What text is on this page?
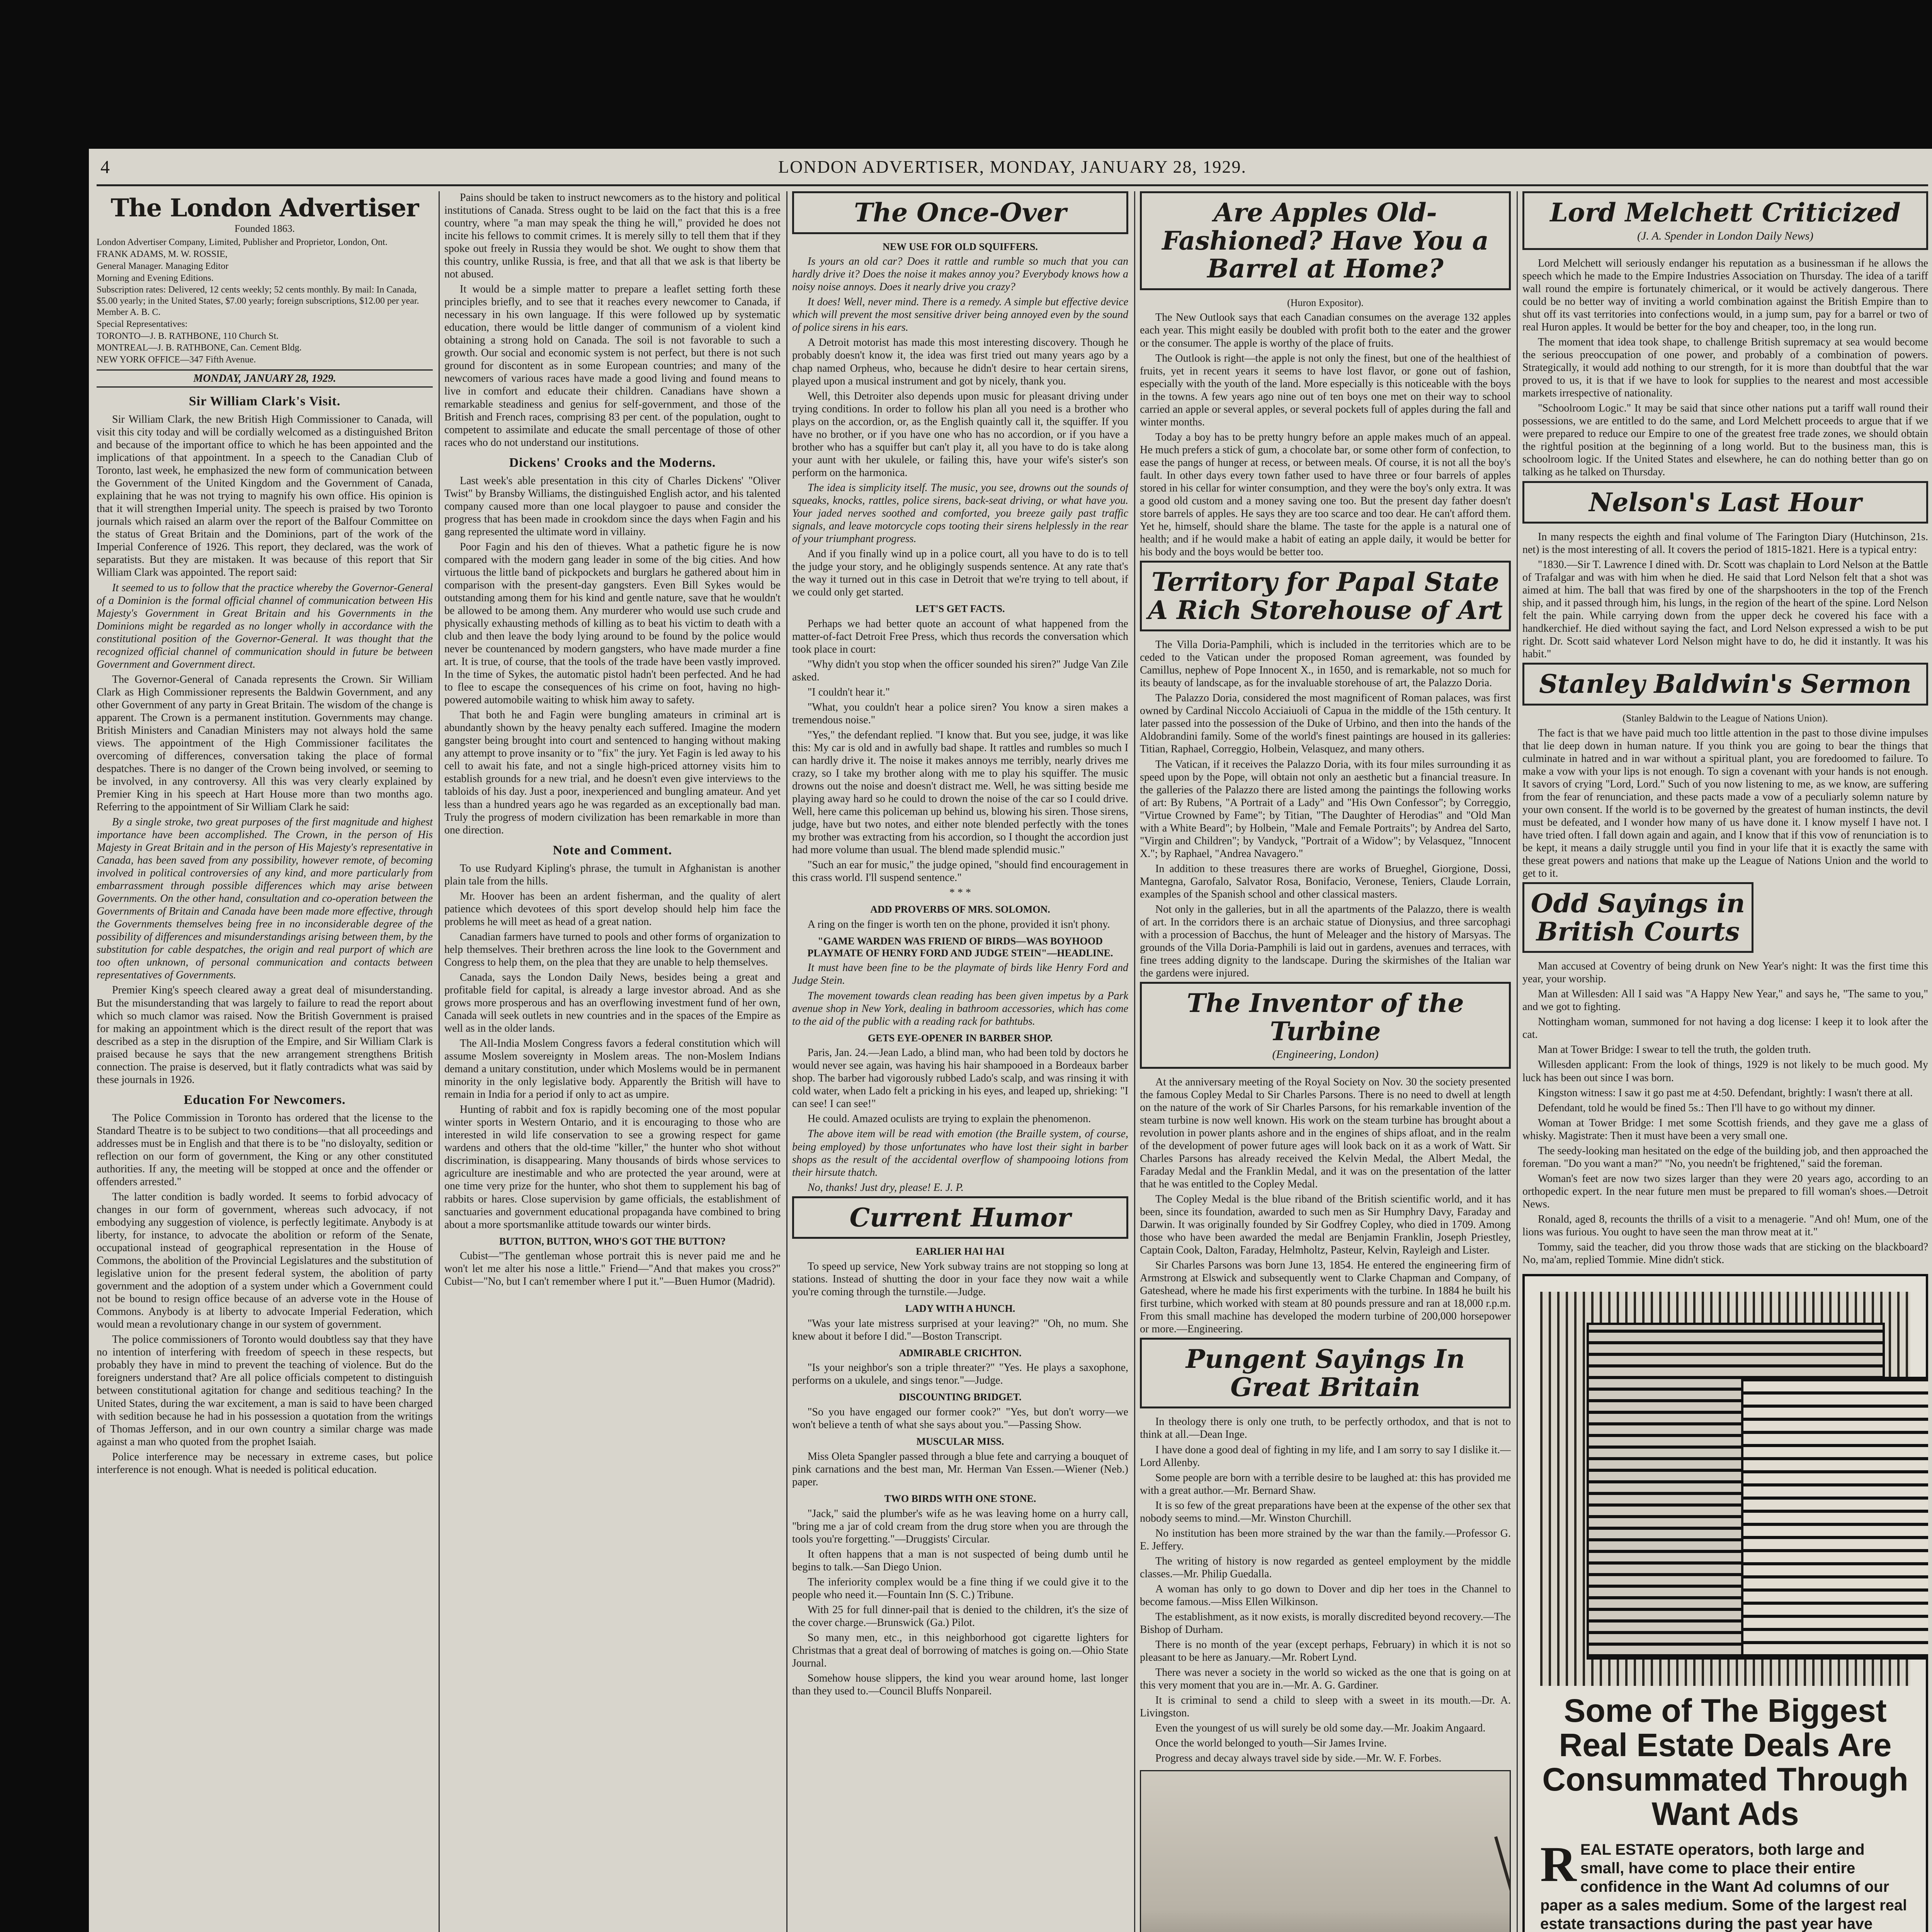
4	LONDON ADVERTISER, MONDAY, JANUARY 28, 1929.
The London Advertiser
Founded 1863.
London Advertiser Company, Limited, Publisher and Proprietor, London, Ont.
FRANK ADAMS, M. W. ROSSIE,
General Manager. Managing Editor
Morning and Evening Editions.
Subscription rates: Delivered, 12 cents weekly; 52 cents monthly. By mail: In Canada, $5.00 yearly; in the United States, $7.00 yearly; foreign subscriptions, $12.00 per year. Member A. B. C.
Special Representatives:
TORONTO—J. B. RATHBONE, 110 Church St.
MONTREAL—J. B. RATHBONE, Can. Cement Bldg.
NEW YORK OFFICE—347 Fifth Avenue.
MONDAY, JANUARY 28, 1929.
Sir William Clark's Visit.

Sir William Clark, the new British High Commissioner to Canada, will visit this city today and will be cordially welcomed as a distinguished Briton and because of the important office to which he has been appointed and the implications of that appointment. In a speech to the Canadian Club of Toronto, last week, he emphasized the new form of communication between the Government of the United Kingdom and the Government of Canada, explaining that he was not trying to magnify his own office. His opinion is that it will strengthen Imperial unity. The speech is praised by two Toronto journals which raised an alarm over the report of the Balfour Committee on the status of Great Britain and the Dominions, part of the work of the Imperial Conference of 1926. This report, they declared, was the work of separatists. But they are mistaken. It was because of this report that Sir William Clark was appointed. The report said:

It seemed to us to follow that the practice whereby the Governor-General of a Dominion is the formal official channel of communication between His Majesty's Government in Great Britain and his Governments in the Dominions might be regarded as no longer wholly in accordance with the constitutional position of the Governor-General. It was thought that the recognized official channel of communication should in future be between Government and Government direct.

The Governor-General of Canada represents the Crown. Sir William Clark as High Commissioner represents the Baldwin Government, and any other Government of any party in Great Britain. The wisdom of the change is apparent. The Crown is a permanent institution. Governments may change. British Ministers and Canadian Ministers may not always hold the same views. The appointment of the High Commissioner facilitates the overcoming of differences, conversation taking the place of formal despatches. There is no danger of the Crown being involved, or seeming to be involved, in any controversy. All this was very clearly explained by Premier King in his speech at Hart House more than two months ago. Referring to the appointment of Sir William Clark he said:

By a single stroke, two great purposes of the first magnitude and highest importance have been accomplished. The Crown, in the person of His Majesty in Great Britain and in the person of His Majesty's representative in Canada, has been saved from any possibility, however remote, of becoming involved in political controversies of any kind, and more particularly from embarrassment through possible differences which may arise between Governments. On the other hand, consultation and co-operation between the Governments of Britain and Canada have been made more effective, through the Governments themselves being free in no inconsiderable degree of the possibility of differences and misunderstandings arising between them, by the substitution for cable despatches, the origin and real purport of which are too often unknown, of personal communication and contacts between representatives of Governments.

Premier King's speech cleared away a great deal of misunderstanding. But the misunderstanding that was largely to failure to read the report about which so much clamor was raised. Now the British Government is praised for making an appointment which is the direct result of the report that was described as a step in the disruption of the Empire, and Sir William Clark is praised because he says that the new arrangement strengthens British connection. The praise is deserved, but it flatly contradicts what was said by these journals in 1926.

Education For Newcomers.

The Police Commission in Toronto has ordered that the license to the Standard Theatre is to be subject to two conditions—that all proceedings and addresses must be in English and that there is to be "no disloyalty, sedition or reflection on our form of government, the King or any other constituted authorities. If any, the meeting will be stopped at once and the offender or offenders arrested."

The latter condition is badly worded. It seems to forbid advocacy of changes in our form of government, whereas such advocacy, if not embodying any suggestion of violence, is perfectly legitimate. Anybody is at liberty, for instance, to advocate the abolition or reform of the Senate, occupational instead of geographical representation in the House of Commons, the abolition of the Provincial Legislatures and the substitution of legislative union for the present federal system, the abolition of party government and the adoption of a system under which a Government could not be bound to resign office because of an adverse vote in the House of Commons. Anybody is at liberty to advocate Imperial Federation, which would mean a revolutionary change in our system of government.

The police commissioners of Toronto would doubtless say that they have no intention of interfering with freedom of speech in these respects, but probably they have in mind to prevent the teaching of violence. But do the foreigners understand that? Are all police officials competent to distinguish between constitutional agitation for change and seditious teaching? In the United States, during the war excitement, a man is said to have been charged with sedition because he had in his possession a quotation from the writings of Thomas Jefferson, and in our own country a similar charge was made against a man who quoted from the prophet Isaiah.

Police interference may be necessary in extreme cases, but police interference is not enough. What is needed is political education.

Pains should be taken to instruct newcomers as to the history and political institutions of Canada. Stress ought to be laid on the fact that this is a free country, where "a man may speak the thing he will," provided he does not incite his fellows to commit crimes. It is merely silly to tell them that if they spoke out freely in Russia they would be shot. We ought to show them that this country, unlike Russia, is free, and that all that we ask is that liberty be not abused.

It would be a simple matter to prepare a leaflet setting forth these principles briefly, and to see that it reaches every newcomer to Canada, if necessary in his own language. If this were followed up by systematic education, there would be little danger of communism of a violent kind obtaining a strong hold on Canada. The soil is not favorable to such a growth. Our social and economic system is not perfect, but there is not such ground for discontent as in some European countries; and many of the newcomers of various races have made a good living and found means to live in comfort and educate their children. Canadians have shown a remarkable steadiness and genius for self-government, and those of the British and French races, comprising 83 per cent. of the population, ought to competent to assimilate and educate the small percentage of those of other races who do not understand our institutions.

Dickens' Crooks and the Moderns.

Last week's able presentation in this city of Charles Dickens' "Oliver Twist" by Bransby Williams, the distinguished English actor, and his talented company caused more than one local playgoer to pause and consider the progress that has been made in crookdom since the days when Fagin and his gang represented the ultimate word in villainy.

Poor Fagin and his den of thieves. What a pathetic figure he is now compared with the modern gang leader in some of the big cities. And how virtuous the little band of pickpockets and burglars he gathered about him in comparison with the present-day gangsters. Even Bill Sykes would be outstanding among them for his kind and gentle nature, save that he wouldn't be allowed to be among them. Any murderer who would use such crude and physically exhausting methods of killing as to beat his victim to death with a club and then leave the body lying around to be found by the police would never be countenanced by modern gangsters, who have made murder a fine art. It is true, of course, that the tools of the trade have been vastly improved. In the time of Sykes, the automatic pistol hadn't been perfected. And he had to flee to escape the consequences of his crime on foot, having no high-powered automobile waiting to whisk him away to safety.

That both he and Fagin were bungling amateurs in criminal art is abundantly shown by the heavy penalty each suffered. Imagine the modern gangster being brought into court and sentenced to hanging without making any attempt to prove insanity or to "fix" the jury. Yet Fagin is led away to his cell to await his fate, and not a single high-priced attorney visits him to establish grounds for a new trial, and he doesn't even give interviews to the tabloids of his day. Just a poor, inexperienced and bungling amateur. And yet less than a hundred years ago he was regarded as an exceptionally bad man. Truly the progress of modern civilization has been remarkable in more than one direction.

Note and Comment.

To use Rudyard Kipling's phrase, the tumult in Afghanistan is another plain tale from the hills.

Mr. Hoover has been an ardent fisherman, and the quality of alert patience which devotees of this sport develop should help him face the problems he will meet as head of a great nation.

Canadian farmers have turned to pools and other forms of organization to help themselves. Their brethren across the line look to the Government and Congress to help them, on the plea that they are unable to help themselves.

Canada, says the London Daily News, besides being a great and profitable field for capital, is already a large investor abroad. And as she grows more prosperous and has an overflowing investment fund of her own, Canada will seek outlets in new countries and in the spaces of the Empire as well as in the older lands.

The All-India Moslem Congress favors a federal constitution which will assume Moslem sovereignty in Moslem areas. The non-Moslem Indians demand a unitary constitution, under which Moslems would be in permanent minority in the only legislative body. Apparently the British will have to remain in India for a period if only to act as umpire.

Hunting of rabbit and fox is rapidly becoming one of the most popular winter sports in Western Ontario, and it is encouraging to those who are interested in wild life conservation to see a growing respect for game wardens and others that the old-time "killer," the hunter who shot without discrimination, is disappearing. Many thousands of birds whose services to agriculture are inestimable and who are protected the year around, were at one time very prize for the hunter, who shot them to supplement his bag of rabbits or hares. Close supervision by game officials, the establishment of sanctuaries and government educational propaganda have combined to bring about a more sportsmanlike attitude towards our winter birds.

BUTTON, BUTTON, WHO'S GOT THE BUTTON?

Cubist—"The gentleman whose portrait this is never paid me and he won't let me alter his nose a little." Friend—"And that makes you cross?" Cubist—"No, but I can't remember where I put it."—Buen Humor (Madrid).

The Once-Over
NEW USE FOR OLD SQUIFFERS.

Is yours an old car? Does it rattle and rumble so much that you can hardly drive it? Does the noise it makes annoy you? Everybody knows how a noisy noise annoys. Does it nearly drive you crazy?

It does! Well, never mind. There is a remedy. A simple but effective device which will prevent the most sensitive driver being annoyed even by the sound of police sirens in his ears.

A Detroit motorist has made this most interesting discovery. Though he probably doesn't know it, the idea was first tried out many years ago by a chap named Orpheus, who, because he didn't desire to hear certain sirens, played upon a musical instrument and got by nicely, thank you.

Well, this Detroiter also depends upon music for pleasant driving under trying conditions. In order to follow his plan all you need is a brother who plays on the accordion, or, as the English quaintly call it, the squiffer. If you have no brother, or if you have one who has no accordion, or if you have a brother who has a squiffer but can't play it, all you have to do is take along your aunt with her ukulele, or failing this, have your wife's sister's son perform on the harmonica.

The idea is simplicity itself. The music, you see, drowns out the sounds of squeaks, knocks, rattles, police sirens, back-seat driving, or what have you. Your jaded nerves soothed and comforted, you breeze gaily past traffic signals, and leave motorcycle cops tooting their sirens helplessly in the rear of your triumphant progress.

And if you finally wind up in a police court, all you have to do is to tell the judge your story, and he obligingly suspends sentence. At any rate that's the way it turned out in this case in Detroit that we're trying to tell about, if we could only get started.

LET'S GET FACTS.

Perhaps we had better quote an account of what happened from the matter-of-fact Detroit Free Press, which thus records the conversation which took place in court:

"Why didn't you stop when the officer sounded his siren?" Judge Van Zile asked.

"I couldn't hear it."

"What, you couldn't hear a police siren? You know a siren makes a tremendous noise."

"Yes," the defendant replied. "I know that. But you see, judge, it was like this: My car is old and in awfully bad shape. It rattles and rumbles so much I can hardly drive it. The noise it makes annoys me terribly, nearly drives me crazy, so I take my brother along with me to play his squiffer. The music drowns out the noise and doesn't distract me. Well, he was sitting beside me playing away hard so he could to drown the noise of the car so I could drive. Well, here came this policeman up behind us, blowing his siren. Those sirens, judge, have but two notes, and either note blended perfectly with the tones my brother was extracting from his accordion, so I thought the accordion just had more volume than usual. The blend made splendid music."

"Such an ear for music," the judge opined, "should find encouragement in this crass world. I'll suspend sentence."

* * *
ADD PROVERBS OF MRS. SOLOMON.

A ring on the finger is worth ten on the phone, provided it isn't phony.

"GAME WARDEN WAS FRIEND OF BIRDS—WAS BOYHOOD PLAYMATE OF HENRY FORD AND JUDGE STEIN"—HEADLINE.

It must have been fine to be the playmate of birds like Henry Ford and Judge Stein.

The movement towards clean reading has been given impetus by a Park avenue shop in New York, dealing in bathroom accessories, which has come to the aid of the public with a reading rack for bathtubs.

GETS EYE-OPENER IN BARBER SHOP.

Paris, Jan. 24.—Jean Lado, a blind man, who had been told by doctors he would never see again, was having his hair shampooed in a Bordeaux barber shop. The barber had vigorously rubbed Lado's scalp, and was rinsing it with cold water, when Lado felt a pricking in his eyes, and leaped up, shrieking: "I can see! I can see!"

He could. Amazed oculists are trying to explain the phenomenon.

The above item will be read with emotion (the Braille system, of course, being employed) by those unfortunates who have lost their sight in barber shops as the result of the accidental overflow of shampooing lotions from their hirsute thatch.

No, thanks! Just dry, please! E. J. P.

Current Humor
EARLIER HAI HAI

To speed up service, New York subway trains are not stopping so long at stations. Instead of shutting the door in your face they now wait a while you're coming through the turnstile.—Judge.

LADY WITH A HUNCH.

"Was your late mistress surprised at your leaving?" "Oh, no mum. She knew about it before I did."—Boston Transcript.

ADMIRABLE CRICHTON.

"Is your neighbor's son a triple threater?" "Yes. He plays a saxophone, performs on a ukulele, and sings tenor."—Judge.

DISCOUNTING BRIDGET.

"So you have engaged our former cook?" "Yes, but don't worry—we won't believe a tenth of what she says about you."—Passing Show.

MUSCULAR MISS.

Miss Oleta Spangler passed through a blue fete and carrying a bouquet of pink carnations and the best man, Mr. Herman Van Essen.—Wiener (Neb.) paper.

TWO BIRDS WITH ONE STONE.

"Jack," said the plumber's wife as he was leaving home on a hurry call, "bring me a jar of cold cream from the drug store when you are through the tools you're forgetting."—Druggists' Circular.

It often happens that a man is not suspected of being dumb until he begins to talk.—San Diego Union.

The inferiority complex would be a fine thing if we could give it to the people who need it.—Fountain Inn (S. C.) Tribune.

With 25 for full dinner-pail that is denied to the children, it's the size of the cover charge.—Brunswick (Ga.) Pilot.

So many men, etc., in this neighborhood got cigarette lighters for Christmas that a great deal of borrowing of matches is going on.—Ohio State Journal.

Somehow house slippers, the kind you wear around home, last longer than they used to.—Council Bluffs Nonpareil.

Are Apples Old-Fashioned? Have You a Barrel at Home?
(Huron Expositor).

The New Outlook says that each Canadian consumes on the average 132 apples each year. This might easily be doubled with profit both to the eater and the grower or the consumer. The apple is worthy of the place of fruits.

The Outlook is right—the apple is not only the finest, but one of the healthiest of fruits, yet in recent years it seems to have lost flavor, or gone out of fashion, especially with the youth of the land. More especially is this noticeable with the boys in the towns. A few years ago nine out of ten boys one met on their way to school carried an apple or several apples, or several pockets full of apples during the fall and winter months.

Today a boy has to be pretty hungry before an apple makes much of an appeal. He much prefers a stick of gum, a chocolate bar, or some other form of confection, to ease the pangs of hunger at recess, or between meals. Of course, it is not all the boy's fault. In other days every town father used to have three or four barrels of apples stored in his cellar for winter consumption, and they were the boy's only extra. It was a good old custom and a money saving one too. But the present day father doesn't store barrels of apples. He says they are too scarce and too dear. He can't afford them. Yet he, himself, should share the blame. The taste for the apple is a natural one of health; and if he would make a habit of eating an apple daily, it would be better for his body and the boys would be better too.

Territory for Papal State A Rich Storehouse of Art

The Villa Doria-Pamphili, which is included in the territories which are to be ceded to the Vatican under the proposed Roman agreement, was founded by Camillus, nephew of Pope Innocent X., in 1650, and is remarkable, not so much for its beauty of landscape, as for the invaluable storehouse of art, the Palazzo Doria.

The Palazzo Doria, considered the most magnificent of Roman palaces, was first owned by Cardinal Niccolo Acciaiuoli of Capua in the middle of the 15th century. It later passed into the possession of the Duke of Urbino, and then into the hands of the Aldobrandini family. Some of the world's finest paintings are housed in its galleries: Titian, Raphael, Correggio, Holbein, Velasquez, and many others.

The Vatican, if it receives the Palazzo Doria, with its four miles surrounding it as speed upon by the Pope, will obtain not only an aesthetic but a financial treasure. In the galleries of the Palazzo there are listed among the paintings the following works of art: By Rubens, "A Portrait of a Lady" and "His Own Confessor"; by Correggio, "Virtue Crowned by Fame"; by Titian, "The Daughter of Herodias" and "Old Man with a White Beard"; by Holbein, "Male and Female Portraits"; by Andrea del Sarto, "Virgin and Children"; by Vandyck, "Portrait of a Widow"; by Velasquez, "Innocent X."; by Raphael, "Andrea Navagero."

In addition to these treasures there are works of Brueghel, Giorgione, Dossi, Mantegna, Garofalo, Salvator Rosa, Bonifacio, Veronese, Teniers, Claude Lorrain, examples of the Spanish school and other classical masters.

Not only in the galleries, but in all the apartments of the Palazzo, there is wealth of art. In the corridors there is an archaic statue of Dionysius, and three sarcophagi with a procession of Bacchus, the hunt of Meleager and the history of Marsyas. The grounds of the Villa Doria-Pamphili is laid out in gardens, avenues and terraces, with fine trees adding dignity to the landscape. During the skirmishes of the Italian war the gardens were injured.

The Inventor of the Turbine
(Engineering, London)

At the anniversary meeting of the Royal Society on Nov. 30 the society presented the famous Copley Medal to Sir Charles Parsons. There is no need to dwell at length on the nature of the work of Sir Charles Parsons, for his remarkable invention of the steam turbine is now well known. His work on the steam turbine has brought about a revolution in power plants ashore and in the engines of ships afloat, and in the realm of the development of power future ages will look back on it as a work of Watt. Sir Charles Parsons has already received the Kelvin Medal, the Albert Medal, the Faraday Medal and the Franklin Medal, and it was on the presentation of the latter that he was entitled to the Copley Medal.

The Copley Medal is the blue riband of the British scientific world, and it has been, since its foundation, awarded to such men as Sir Humphry Davy, Faraday and Darwin. It was originally founded by Sir Godfrey Copley, who died in 1709. Among those who have been awarded the medal are Benjamin Franklin, Joseph Priestley, Captain Cook, Dalton, Faraday, Helmholtz, Pasteur, Kelvin, Rayleigh and Lister.

Sir Charles Parsons was born June 13, 1854. He entered the engineering firm of Armstrong at Elswick and subsequently went to Clarke Chapman and Company, of Gateshead, where he made his first experiments with the turbine. In 1884 he built his first turbine, which worked with steam at 80 pounds pressure and ran at 18,000 r.p.m. From this small machine has developed the modern turbine of 200,000 horsepower or more.—Engineering.

Pungent Sayings In Great Britain

In theology there is only one truth, to be perfectly orthodox, and that is not to think at all.—Dean Inge.

I have done a good deal of fighting in my life, and I am sorry to say I dislike it.—Lord Allenby.

Some people are born with a terrible desire to be laughed at: this has provided me with a great author.—Mr. Bernard Shaw.

It is so few of the great preparations have been at the expense of the other sex that nobody seems to mind.—Mr. Winston Churchill.

No institution has been more strained by the war than the family.—Professor G. E. Jeffery.

The writing of history is now regarded as genteel employment by the middle classes.—Mr. Philip Guedalla.

A woman has only to go down to Dover and dip her toes in the Channel to become famous.—Miss Ellen Wilkinson.

The establishment, as it now exists, is morally discredited beyond recovery.—The Bishop of Durham.

There is no month of the year (except perhaps, February) in which it is not so pleasant to be here as January.—Mr. Robert Lynd.

There was never a society in the world so wicked as the one that is going on at this very moment that you are in.—Mr. A. G. Gardiner.

It is criminal to send a child to sleep with a sweet in its mouth.—Dr. A. Livingston.

Even the youngest of us will surely be old some day.—Mr. Joakim Angaard.

Once the world belonged to youth—Sir James Irvine.

Progress and decay always travel side by side.—Mr. W. F. Forbes.

Lord Melchett Criticized
(J. A. Spender in London Daily News)

Lord Melchett will seriously endanger his reputation as a businessman if he allows the speech which he made to the Empire Industries Association on Thursday. The idea of a tariff wall round the empire is fortunately chimerical, or it would be actively dangerous. There could be no better way of inviting a world combination against the British Empire than to shut off its vast territories into confections would, in a jump sum, pay for a barrel or two of real Huron apples. It would be better for the boy and cheaper, too, in the long run.

The moment that idea took shape, to challenge British supremacy at sea would become the serious preoccupation of one power, and probably of a combination of powers. Strategically, it would add nothing to our strength, for it is more than doubtful that the war proved to us, it is that if we have to look for supplies to the nearest and most accessible markets irrespective of nationality.

"Schoolroom Logic." It may be said that since other nations put a tariff wall round their possessions, we are entitled to do the same, and Lord Melchett proceeds to argue that if we were prepared to reduce our Empire to one of the greatest free trade zones, we should obtain the rightful position at the beginning of a long world. But to the business man, this is schoolroom logic. If the United States and elsewhere, he can do nothing better than go on talking as he talked on Thursday.

Nelson's Last Hour

In many respects the eighth and final volume of The Farington Diary (Hutchinson, 21s. net) is the most interesting of all. It covers the period of 1815-1821. Here is a typical entry:

"1830.—Sir T. Lawrence I dined with. Dr. Scott was chaplain to Lord Nelson at the Battle of Trafalgar and was with him when he died. He said that Lord Nelson felt that a shot was aimed at him. The ball that was fired by one of the sharpshooters in the top of the French ship, and it passed through him, his lungs, in the region of the heart of the spine. Lord Nelson felt the pain. While carrying down from the upper deck he covered his face with a handkerchief. He died without saying the fact, and Lord Nelson expressed a wish to be put right. Dr. Scott said whatever Lord Nelson might have to do, he did it instantly. It was his habit."

Stanley Baldwin's Sermon
(Stanley Baldwin to the League of Nations Union).

The fact is that we have paid much too little attention in the past to those divine impulses that lie deep down in human nature. If you think you are going to bear the things that culminate in hatred and in war without a spiritual plant, you are foredoomed to failure. To make a vow with your lips is not enough. To sign a covenant with your hands is not enough. It savors of crying "Lord, Lord." Such of you now listening to me, as we know, are suffering from the fear of renunciation, and these pacts made a vow of a peculiarly solemn nature by your own consent. If the world is to be governed by the greatest of human instincts, the devil must be defeated, and I wonder how many of us have done it. I know myself I have not. I have tried often. I fall down again and again, and I know that if this vow of renunciation is to be kept, it means a daily struggle until you find in your life that it is exactly the same with these great powers and nations that make up the League of Nations Union and the world to get to it.

Odd Sayings in British Courts

Man accused at Coventry of being drunk on New Year's night: It was the first time this year, your worship.

Man at Willesden: All I said was "A Happy New Year," and says he, "The same to you," and we got to fighting.

Nottingham woman, summoned for not having a dog license: I keep it to look after the cat.

Man at Tower Bridge: I swear to tell the truth, the golden truth.

Willesden applicant: From the look of things, 1929 is not likely to be much good. My luck has been out since I was born.

Kingston witness: I saw it go past me at 4:50. Defendant, brightly: I wasn't there at all.

Defendant, told he would be fined 5s.: Then I'll have to go without my dinner.

Woman at Tower Bridge: I met some Scottish friends, and they gave me a glass of whisky. Magistrate: Then it must have been a very small one.

The seedy-looking man hesitated on the edge of the building job, and then approached the foreman. "Do you want a man?" "No, you needn't be frightened," said the foreman.

Woman's feet are now two sizes larger than they were 20 years ago, according to an orthopedic expert. In the near future men must be prepared to fill woman's shoes.—Detroit News.

Ronald, aged 8, recounts the thrills of a visit to a menagerie. "And oh! Mum, one of the lions was furious. You ought to have seen the man throw meat at it."

Tommy, said the teacher, did you throw those wads that are sticking on the blackboard? No, ma'am, replied Tommie. Mine didn't stick.

Some of The Biggest Real Estate Deals Are Consummated Through Want Ads
R EAL ESTATE operators, both large and small, have come to place their entire confidence in the Want Ad columns of our paper as a sales medium. Some of the largest real estate transactions during the past year have
